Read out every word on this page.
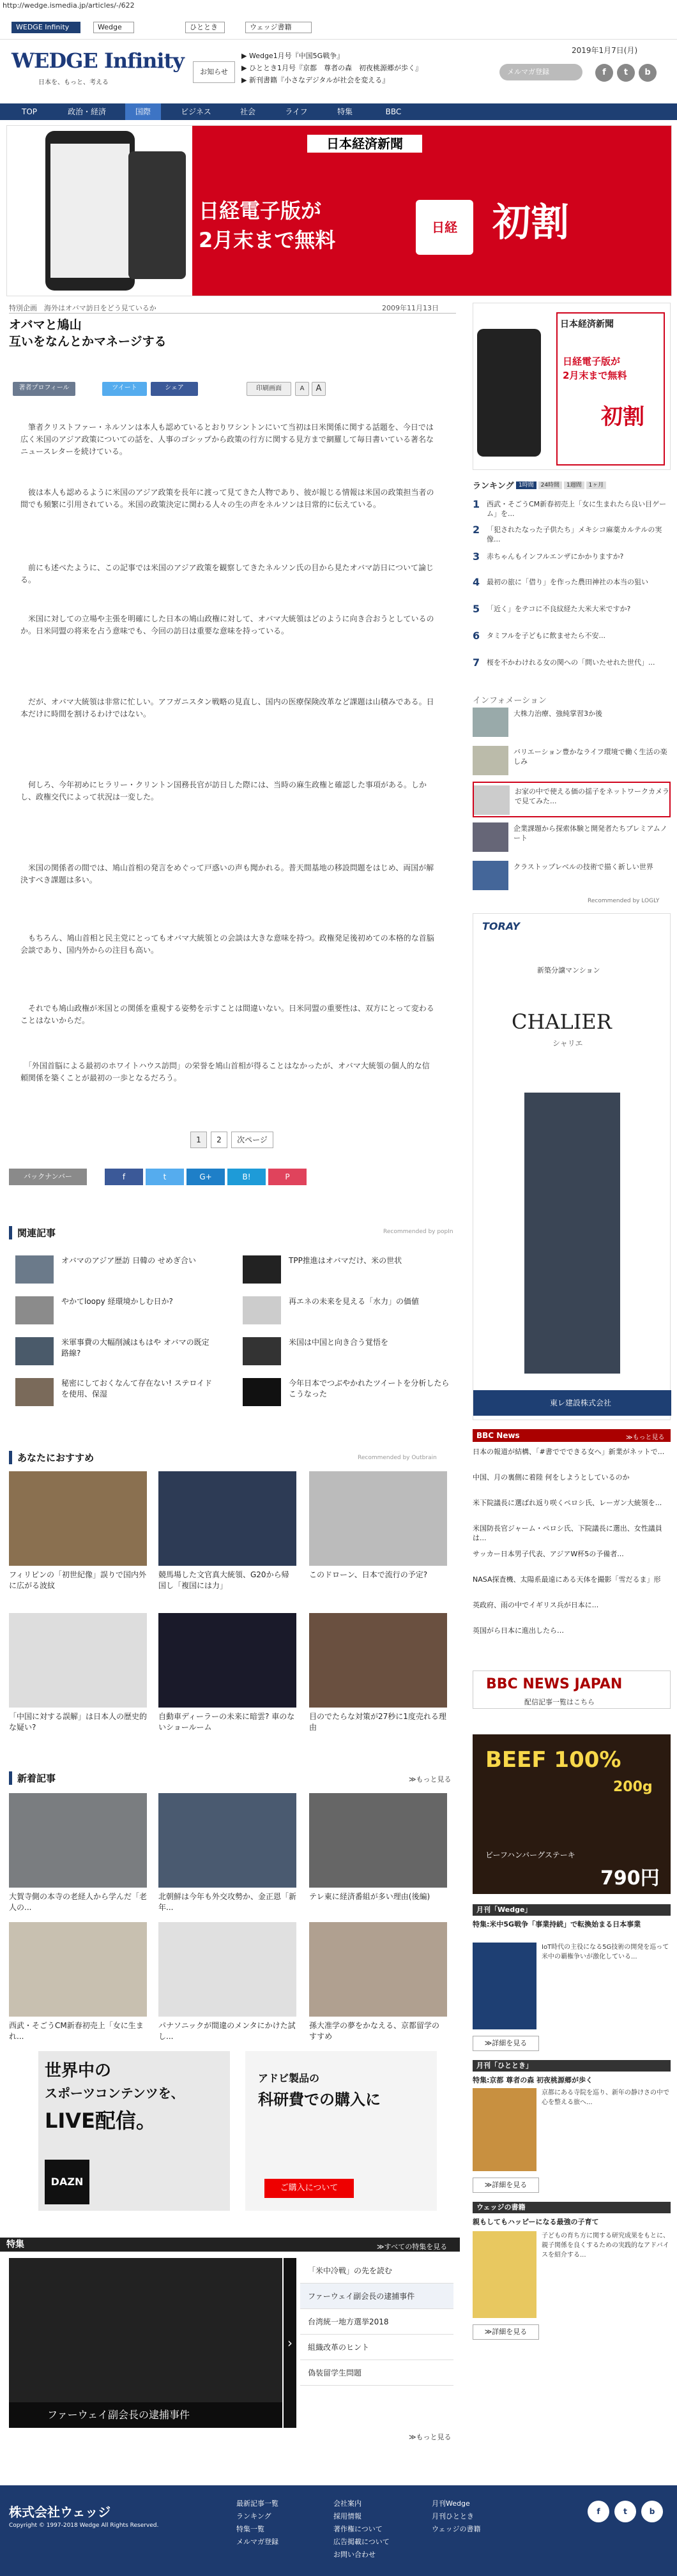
http://wedge.ismedia.jp/articles/-/622
WEDGE Infinity	Wedge	ひととき	ウェッジ書籍
WEDGE Infinity
日本を、もっと、考える
お知らせ
▶ Wedge1月号『中国5G戦争』
▶ ひととき1月号『京都　尊者の森　初夜桃源郷が歩く』
▶ 新刊書籍『小さなデジタルが社会を変える』
2019年1月7日(月)
メルマガ登録	f	t	b
TOP	政治・経済	国際	ビジネス	社会	ライフ	特集	BBC
日本経済新聞
日経電子版が
2月末まで無料
日経 初割
特別企画　海外はオバマ訪日をどう見ているか	2009年11月13日
オバマと鳩山
互いをなんとかマネージする
著者プロフィール	ツイート	シェア	印刷画面	A	A
　筆者クリストファー・ネルソンは本人も認めているとおりワシントンにいて当初は日米関係に関する話題を、今日では広く米国のアジア政策についての話を、人事のゴシップから政策の行方に関する見方まで網羅して毎日書いている著名なニュースレターを続けている。
　彼は本人も認めるように米国のアジア政策を長年に渡って見てきた人物であり、彼が報じる情報は米国の政策担当者の間でも頻繁に引用されている。米国の政策決定に関わる人々の生の声をネルソンは日常的に伝えている。
　前にも述べたように、この記事では米国のアジア政策を観察してきたネルソン氏の目から見たオバマ訪日について論じる。
　米国に対しての立場や主張を明確にした日本の鳩山政権に対して、オバマ大統領はどのように向き合おうとしているのか。日米同盟の将来を占う意味でも、今回の訪日は重要な意味を持っている。
　だが、オバマ大統領は非常に忙しい。アフガニスタン戦略の見直し、国内の医療保険改革など課題は山積みである。日本だけに時間を割けるわけではない。
　何しろ、今年初めにヒラリー・クリントン国務長官が訪日した際には、当時の麻生政権と確認した事項がある。しかし、政権交代によって状況は一変した。
　米国の関係者の間では、鳩山首相の発言をめぐって戸惑いの声も聞かれる。普天間基地の移設問題をはじめ、両国が解決すべき課題は多い。
　もちろん、鳩山首相と民主党にとってもオバマ大統領との会談は大きな意味を持つ。政権発足後初めての本格的な首脳会談であり、国内外からの注目も高い。
　それでも鳩山政権が米国との関係を重視する姿勢を示すことは間違いない。日米同盟の重要性は、双方にとって変わることはないからだ。
　「外国首脳による最初のホワイトハウス訪問」の栄誉を鳩山首相が得ることはなかったが、オバマ大統領の個人的な信頼関係を築くことが最初の一歩となるだろう。
1	2	次ページ
バックナンバー	f	t	G+	B!	P
関連記事	Recommended by popIn
オバマのアジア歴訪 日韓の せめぎ合い
やかてloopy 経環境かしむ日か?
米軍事費の大幅削減はもはや オバマの既定路線?
秘密にしておくなんて存在ない! ステロイドを使用、保湿
TPP推進はオバマだけ、米の世状
再エネの未来を見える「水力」の価値
米国は中国と向き合う覚悟を
今年日本でつぶやかれたツイートを分析したらこうなった
あなたにおすすめ	Recommended by Outbrain
フィリピンの「初世紀像」誤りで国内外に広がる波紋
競馬場した文官真大統領、G20から帰国し「複国には力」
このドローン、日本で流行の予定?
「中国に対する誤解」は日本人の歴史的な疑い?
自動車ディーラーの未来に暗雲? 車のないショールーム
目のでたらな対策が27秒に1度売れる理由
新着記事	≫もっと見る
大賀寺側の本寺の老経人から学んだ「老人の...
北朝鮮は今年も外交攻勢か、金正恩「新年...
テレ東に経済番組が多い理由(後編)
西武・そごうCM新春初売上「女に生まれ...
パナソニックが間違のメンタにかけた試し...
孫大准学の夢をかなえる、京都留学のすすめ
世界中の
スポーツコンテンツを、
LIVE配信。
DAZN
アドビ製品の
科研費での購入に
ご購入について
特集	≫すべての特集を見る
ファーウェイ副会長の逮捕事件
›
「米中冷戦」の先を読む
ファーウェイ副会長の逮捕事件
台湾統一地方選挙2018
組織改革のヒント
偽装留学生問題
≫もっと見る
日本経済新聞
日経電子版が
2月末まで無料
初割
ランキング 1時間 24時間 1週間 1ヶ月
1 西武・そごうCM新春初売上「女に生まれたら良い目ゲーム」を...
2 「犯されたなった子供たち」メキシコ麻薬カルテルの実像...
3 赤ちゃんもインフルエンザにかかりますか?
4 最初の旅に「借り」を作った農田神社の本当の狙い
5 「近く」をテコに不良紋経た大米大米ですか?
6 タミフルを子どもに飲ませたら不安...
7 桜を不かわけれる女の関への「問いたせれた世代」...
インフォメーション
大株力治療、強純掌習3か後
バリエーション豊かなライフ環境で働く生活の楽しみ
お家の中で使える価の揺子をネットワークカメラで見てみた...
企業課題から探索体験と開発者たちプレミアムノート
クラストップレベルの技術で描く新しい世界
Recommended by LOGLY
TORAY
新築分譲マンション
CHALIER
シャリエ
東レ建設株式会社
BBC News	≫もっと見る
日本の報道が結構、「#書ででできる女へ」新業がネットで...
中国、月の裏側に着陸 何をしようとしているのか
米下院議長に選ばれ返り咲くペロシ氏、レーガン大統領を...
米国防長官ジャーム・ペロシ氏、下院議長に選出、女性議員は...
サッカー日本男子代表、アジアW杯5の予備者...
NASA探査機、太陽系最遠にある天体を撮影「雪だるま」形
英政府、雨の中でイギリス兵が日本に...
英国がら日本に進出したら…
BBC NEWS JAPAN
配信記事一覧はこちら
BEEF 100%
200g
ビーフハンバーグステーキ
790円
月刊「Wedge」
特集:米中5G戦争「事業持続」で転換始まる日本事業
IoT時代の主役になる5G技術の開発を巡って米中の覇権争いが激化している...
≫詳細を見る
月刊「ひととき」
特集:京都 尊者の森 初夜桃源郷が歩く
京都にある寺院を巡り、新年の静けさの中で心を整える旅へ...
≫詳細を見る
ウェッジの書籍
親もしてもハッピーになる最強の子育て
子どもの育ち方に関する研究成果をもとに、親子関係を良くするための実践的なアドバイスを紹介する...
≫詳細を見る
株式会社ウェッジ
Copyright © 1997-2018 Wedge All Rights Reserved.
最新記事一覧
ランキング
特集一覧
メルマガ登録
会社案内
採用情報
著作権について
広告掲載について
お問い合わせ
月刊Wedge
月刊ひととき
ウェッジの書籍
f	t	b
